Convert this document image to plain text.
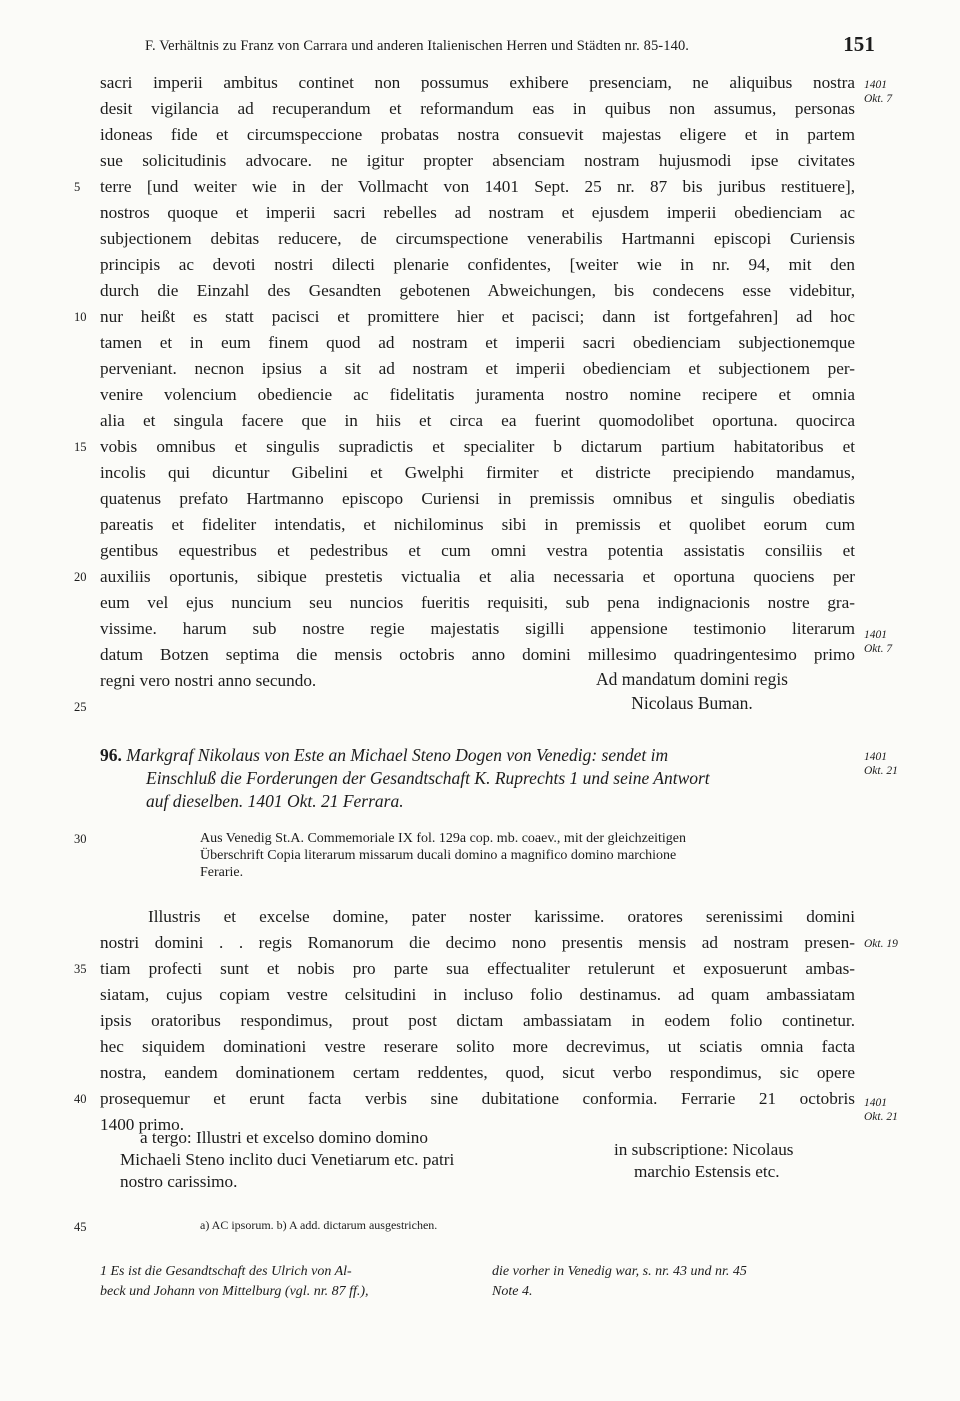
F. Verhältnis zu Franz von Carrara und anderen Italienischen Herren und Städten nr. 85-140.	151
sacri imperii ambitus continet non possumus exhibere presenciam, ne aliquibus nostra
desit vigilancia ad recuperandum et reformandum eas in quibus non assumus, personas
idoneas fide et circumspeccione probatas nostra consuevit majestas eligere et in partem
sue solicitudinis advocare. ne igitur propter absenciam nostram hujusmodi ipse civitates
terre [und weiter wie in der Vollmacht von 1401 Sept. 25 nr. 87 bis juribus restituere],
nostros quoque et imperii sacri rebelles ad nostram et ejusdem imperii obedienciam ac
subjectionem debitas reducere, de circumspectione venerabilis Hartmanni episcopi Curiensis
principis ac devoti nostri dilecti plenarie confidentes, [weiter wie in nr. 94, mit den
durch die Einzahl des Gesandten gebotenen Abweichungen, bis condecens esse videbitur,
nur heißt es statt pacisci et promittere hier et pacisci; dann ist fortgefahren] ad hoc
tamen et in eum finem quod ad nostram et imperii sacri obedienciam subjectionemque
perveniant. necnon ipsius a sit ad nostram et imperii obedienciam et subjectionem per-
venire volencium obediencie ac fidelitatis juramenta nostro nomine recipere et omnia
alia et singula facere que in hiis et circa ea fuerint quomodolibet oportuna. quocirca
vobis omnibus et singulis supradictis et specialiter b dictarum partium habitatoribus et
incolis qui dicuntur Gibelini et Gwelphi firmiter et districte precipiendo mandamus,
quatenus prefato Hartmanno episcopo Curiensi in premissis omnibus et singulis obediatis
pareatis et fideliter intendatis, et nichilominus sibi in premissis et quolibet eorum cum
gentibus equestribus et pedestribus et cum omni vestra potentia assistatis consiliis et
auxiliis oportunis, sibique prestetis victualia et alia necessaria et oportuna quociens per
eum vel ejus nuncium seu nuncios fueritis requisiti, sub pena indignacionis nostre gra-
vissime. harum sub nostre regie majestatis sigilli appensione testimonio literarum
datum Botzen septima die mensis octobris anno domini millesimo quadringentesimo primo
regni vero nostri anno secundo.
5
10
15
20
25
30
35
40
45
1401
Okt. 7
1401
Okt. 7
1401
Okt. 21
Okt. 19
1401
Okt. 21
Ad mandatum domini regis
Nicolaus Buman.
96. Markgraf Nikolaus von Este an Michael Steno Dogen von Venedig: sendet im
Einschluß die Forderungen der Gesandtschaft K. Ruprechts 1 und seine Antwort
auf dieselben. 1401 Okt. 21 Ferrara.
Aus Venedig St.A. Commemoriale IX fol. 129a cop. mb. coaev., mit der gleichzeitigen
Überschrift Copia literarum missarum ducali domino a magnifico domino marchione
Ferarie.
Illustris et excelse domine, pater noster karissime. oratores serenissimi domini
nostri domini . . regis Romanorum die decimo nono presentis mensis ad nostram presen-
tiam profecti sunt et nobis pro parte sua effectualiter retulerunt et exposuerunt ambas-
siatam, cujus copiam vestre celsitudini in incluso folio destinamus. ad quam ambassiatam
ipsis oratoribus respondimus, prout post dictam ambassiatam in eodem folio continetur.
hec siquidem dominationi vestre reserare solito more decrevimus, ut sciatis omnia facta
nostra, eandem dominationem certam reddentes, quod, sicut verbo respondimus, sic opere
prosequemur et erunt facta verbis sine dubitatione conformia. Ferrarie 21 octobris
1400 primo.
a tergo: Illustri et excelso domino domino
Michaeli Steno inclito duci Venetiarum etc. patri
nostro carissimo.
in subscriptione: Nicolaus
marchio Estensis etc.
a) AC ipsorum. b) A add. dictarum ausgestrichen.
1 Es ist die Gesandtschaft des Ulrich von Al-
beck und Johann von Mittelburg (vgl. nr. 87 ff.),
die vorher in Venedig war, s. nr. 43 und nr. 45
Note 4.
